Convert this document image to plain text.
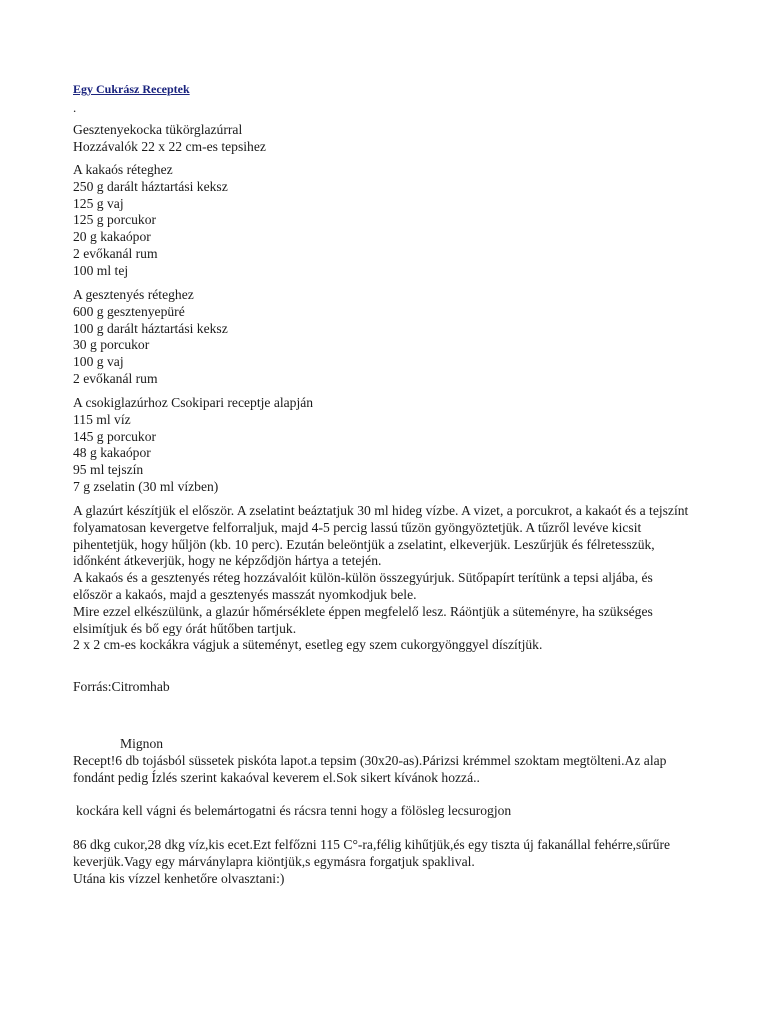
Egy Cukrász Receptek
.
Gesztenyekocka tükörglazúrral
Hozzávalók 22 x 22 cm-es tepsihez
A kakaós réteghez
250 g darált háztartási keksz
125 g vaj
125 g porcukor
20 g kakaópor
2 evőkanál rum
100 ml tej
A gesztenyés réteghez
600 g gesztenyepüré
100 g darált háztartási keksz
30 g porcukor
100 g vaj
2 evőkanál rum
A csokiglazúrhoz Csokipari receptje alapján
115 ml víz
145 g porcukor
48 g kakaópor
95 ml tejszín
7 g zselatin (30 ml vízben)
A glazúrt készítjük el először. A zselatint beáztatjuk 30 ml hideg vízbe. A vizet, a porcukrot, a kakaót és a tejszínt folyamatosan kevergetve felforraljuk, majd 4-5 percig lassú tűzön gyöngyöztetjük. A tűzről levéve kicsit pihentetjük, hogy hűljön (kb. 10 perc). Ezután beleöntjük a zselatint, elkeverjük. Leszűrjük és félretesszük, időnként átkeverjük, hogy ne képződjön hártya a tetején.
A kakaós és a gesztenyés réteg hozzávalóit külön-külön összegyúrjuk. Sütőpapírt terítünk a tepsi aljába, és először a kakaós, majd a gesztenyés masszát nyomkodjuk bele.
Mire ezzel elkészülünk, a glazúr hőmérséklete éppen megfelelő lesz. Ráöntjük a süteményre, ha szükséges elsimítjuk és bő egy órát hűtőben tartjuk.
2 x 2 cm-es kockákra vágjuk a süteményt, esetleg egy szem cukorgyönggyel díszítjük.
Forrás:Citromhab
Mignon
Recept!6 db tojásból süssetek piskóta lapot.a tepsim (30x20-as).Párizsi krémmel szoktam megtölteni.Az alap fondánt pedig Ízlés szerint kakaóval keverem el.Sok sikert kívánok hozzá..
kockára kell vágni és belemártogatni és rácsra tenni hogy a fölösleg lecsurogjon
86 dkg cukor,28 dkg víz,kis ecet.Ezt felfőzni 115 C°-ra,félig kihűtjük,és egy tiszta új fakanállal fehérre,sűrűre keverjük.Vagy egy márványlapra kiöntjük,s egymásra forgatjuk spaklival.
Utána kis vízzel kenhetőre olvasztani:)
